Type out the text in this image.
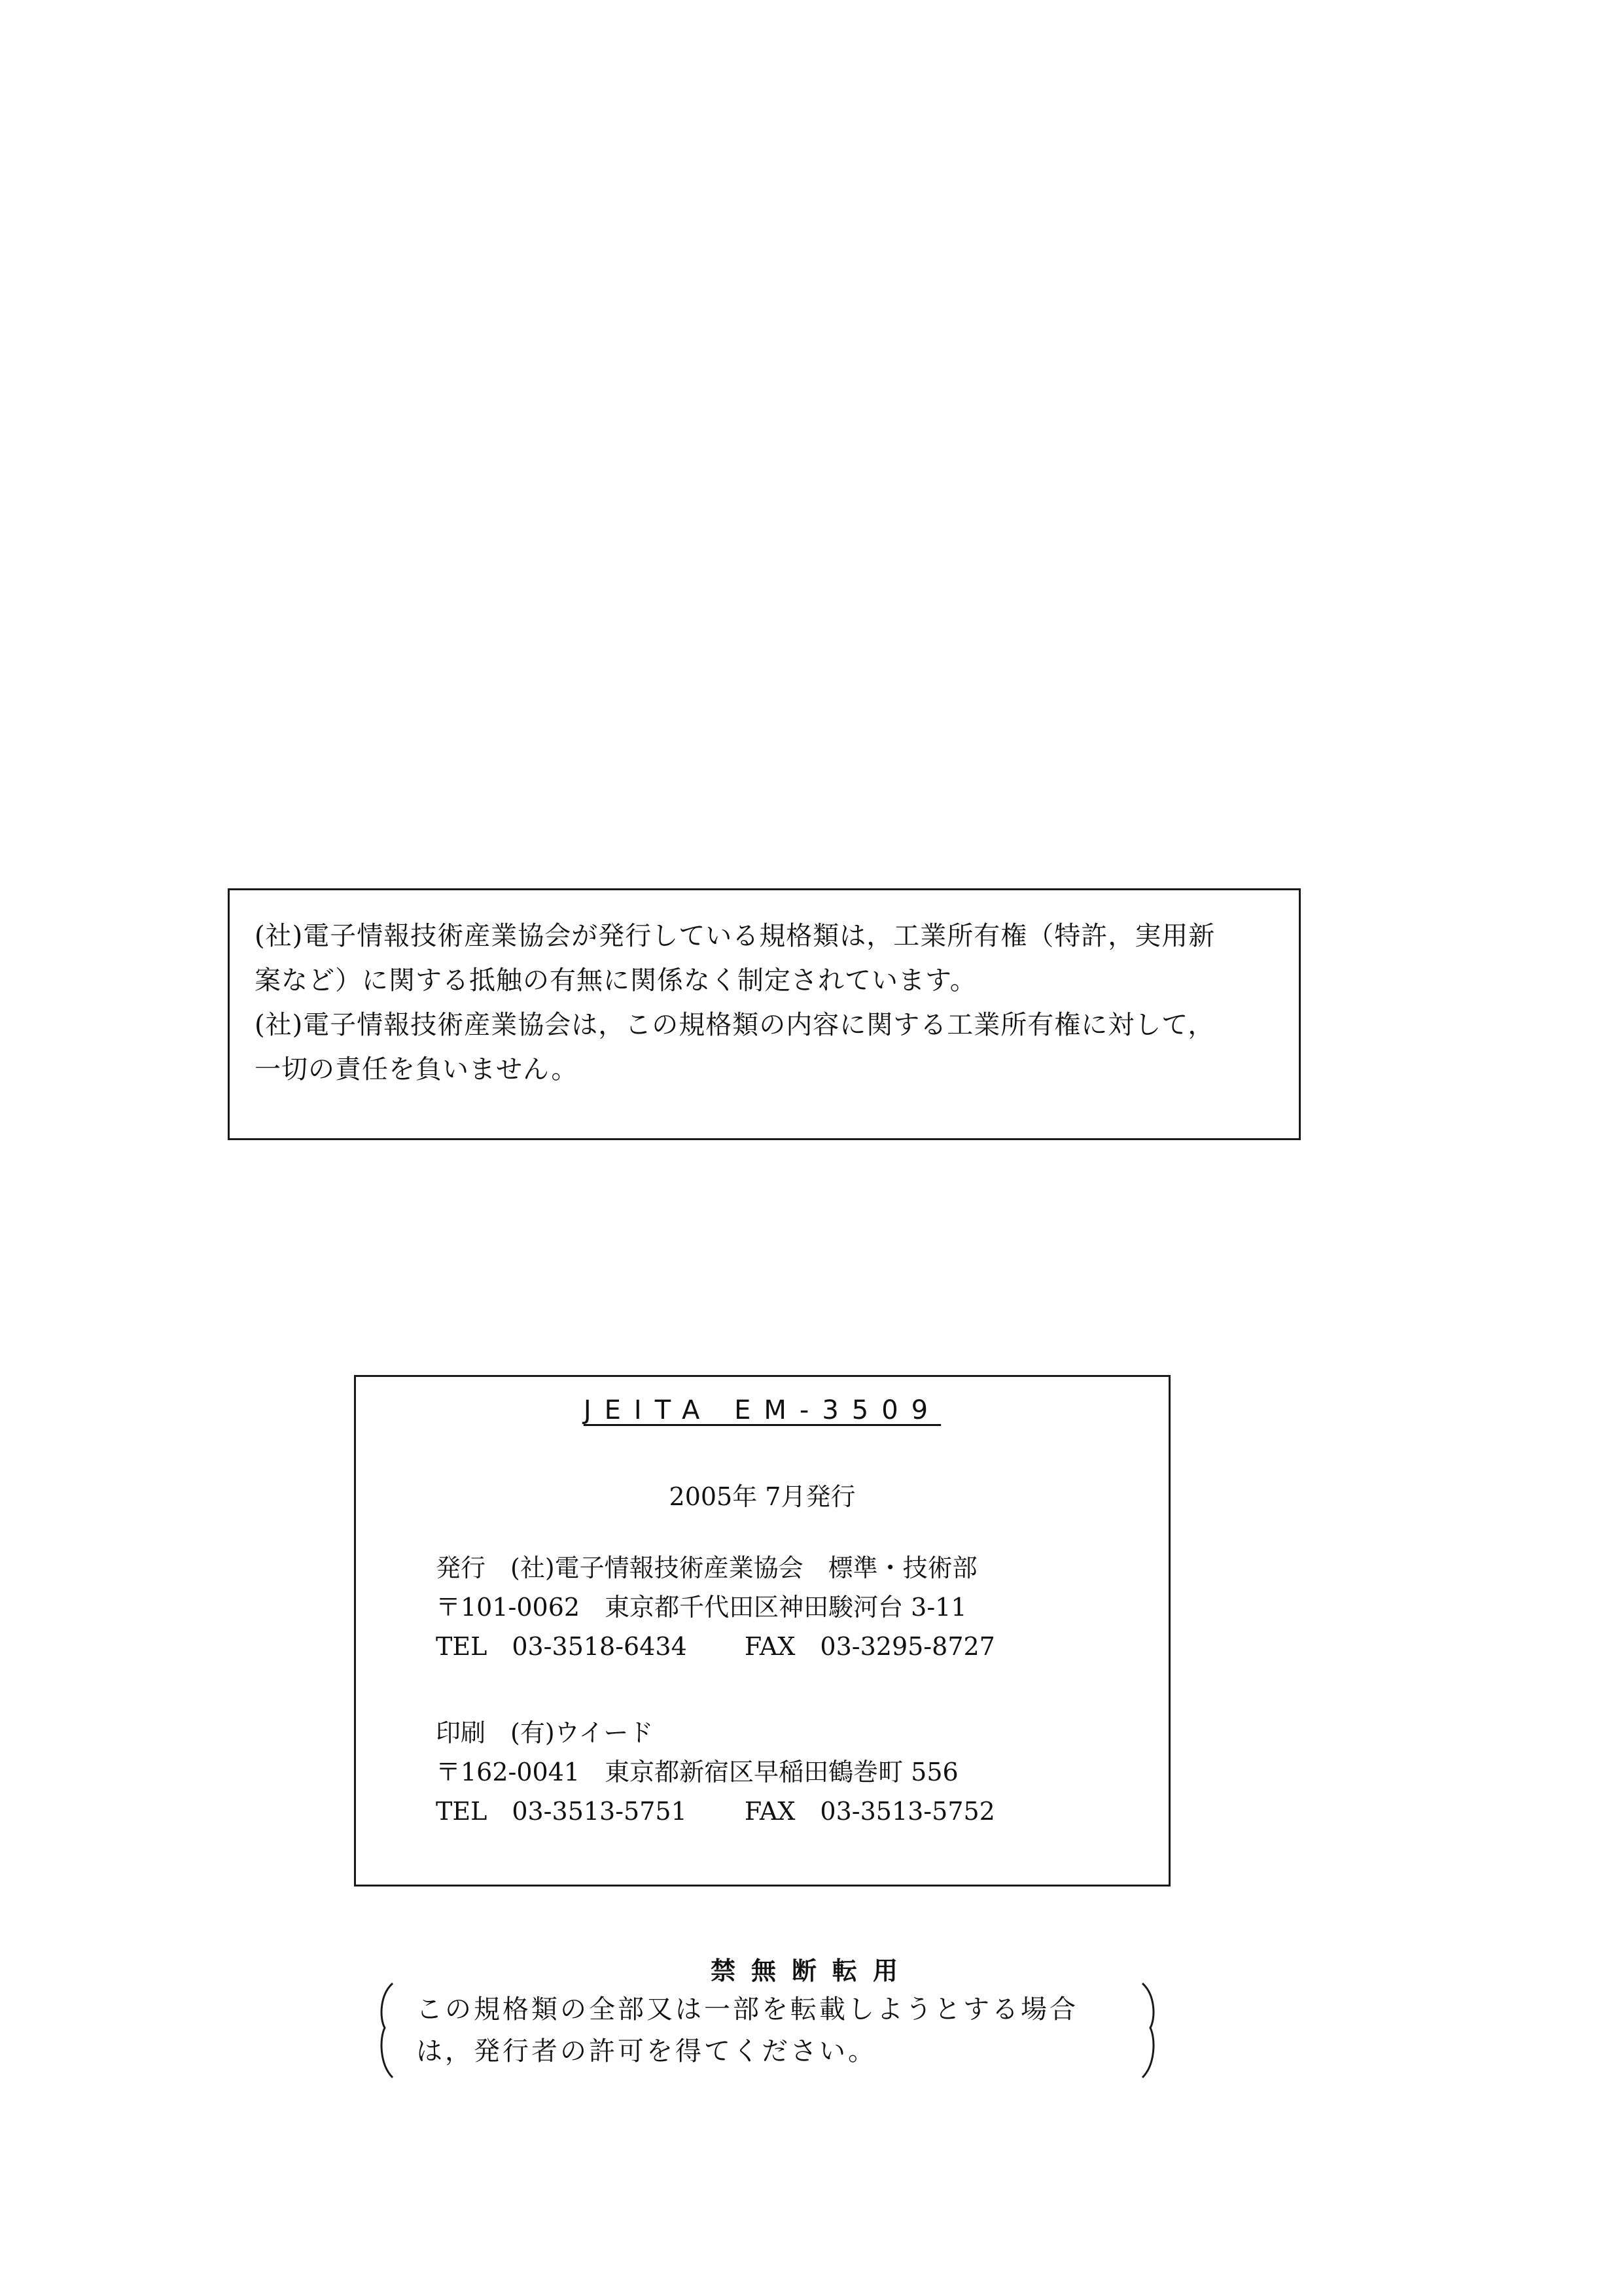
(社)電子情報技術産業協会が発行している規格類は，工業所有権（特許，実用新
案など）に関する抵触の有無に関係なく制定されています。
(社)電子情報技術産業協会は，この規格類の内容に関する工業所有権に対して，
一切の責任を負いません。
JEITA EM-3509
2005年 7月発行
発行　(社)電子情報技術産業協会　標準・技術部
〒101-0062　東京都千代田区神田駿河台 3-11
TEL　03-3518-6434　　 FAX　03-3295-8727
印刷　(有)ウイード
〒162-0041　東京都新宿区早稲田鶴巻町 556
TEL　03-3513-5751　　 FAX　03-3513-5752
禁無断転用
この規格類の全部又は一部を転載しようとする場合
は，発行者の許可を得てください。
